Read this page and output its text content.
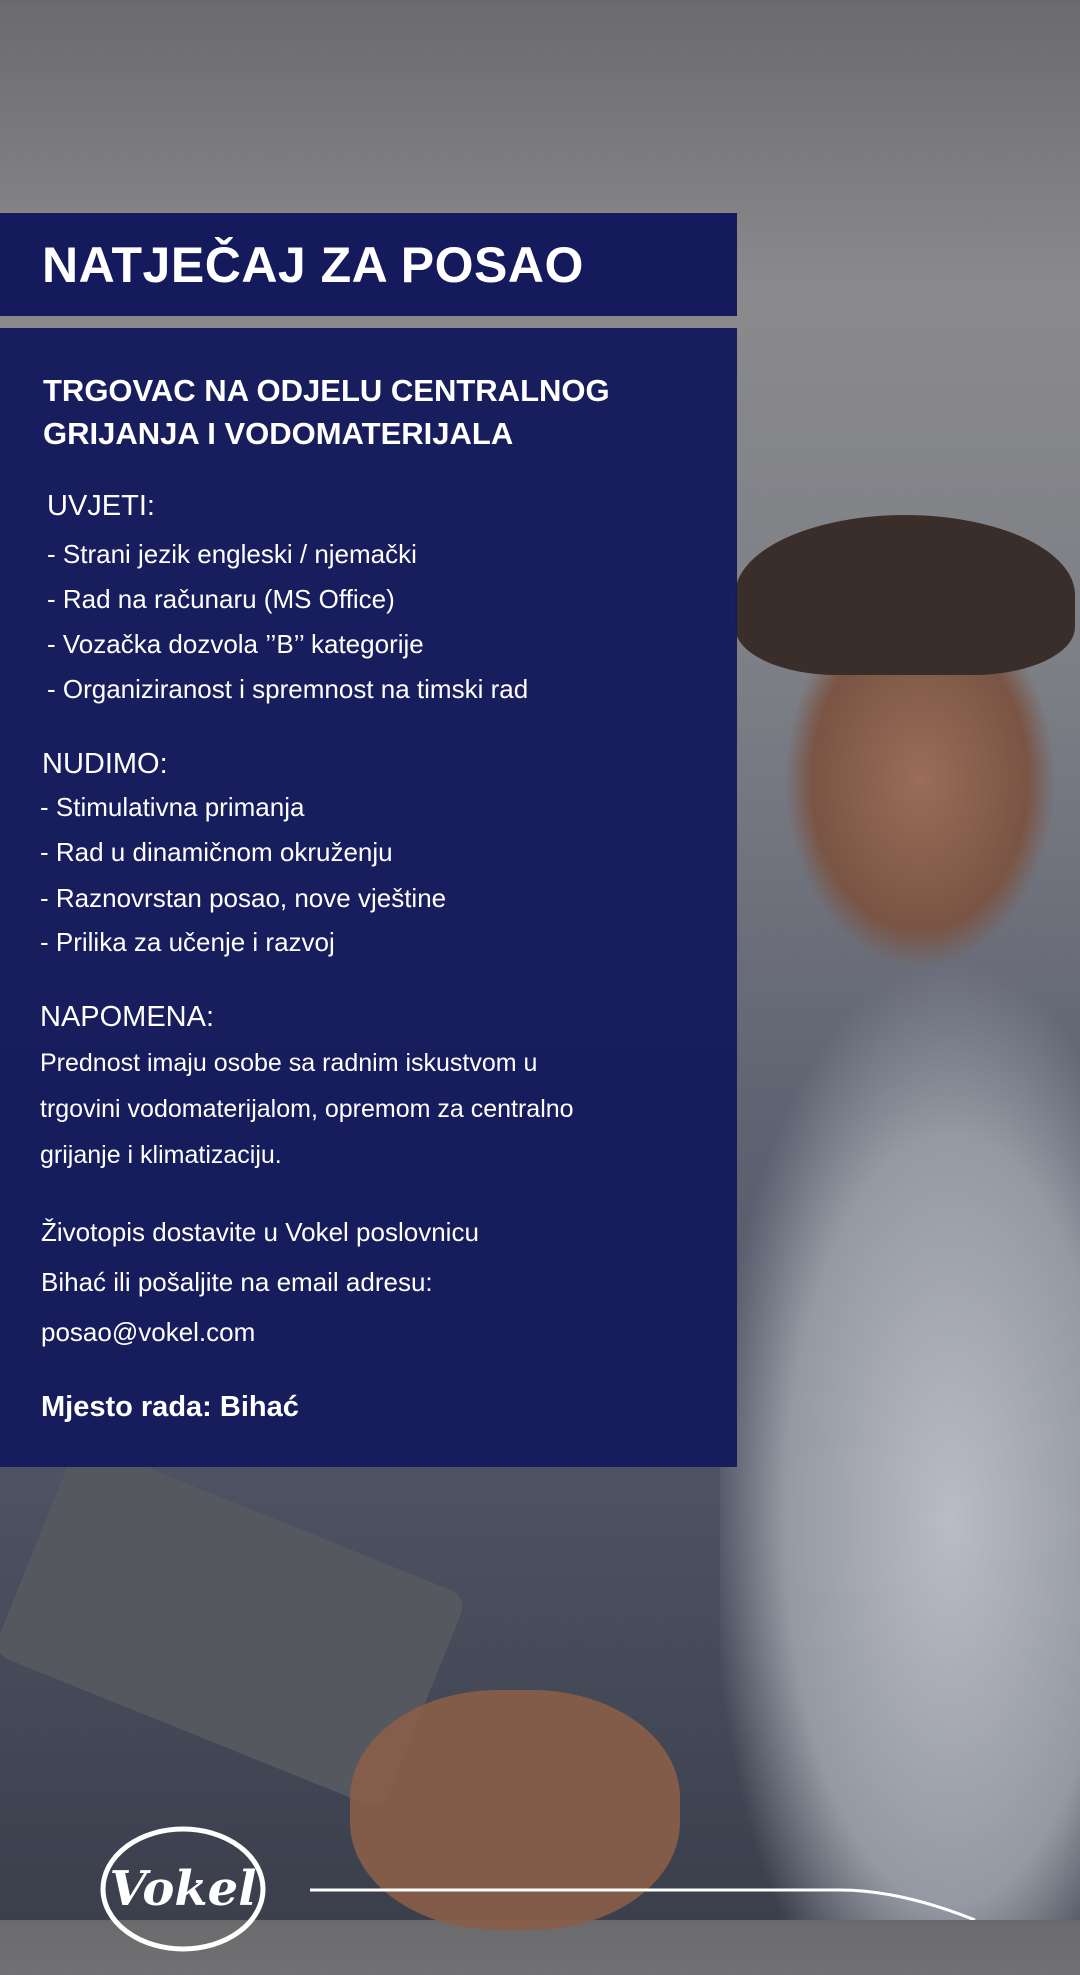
NATJEČAJ ZA POSAO
TRGOVAC NA ODJELU CENTRALNOG
GRIJANJA I VODOMATERIJALA
UVJETI:
- Strani jezik engleski / njemački
- Rad na računaru (MS Office)
- Vozačka dozvola ’’B’’ kategorije
- Organiziranost i spremnost na timski rad
NUDIMO:
- Stimulativna primanja
- Rad u dinamičnom okruženju
- Raznovrstan posao, nove vještine
- Prilika za učenje i razvoj
NAPOMENA:
Prednost imaju osobe sa radnim iskustvom u
trgovini vodomaterijalom, opremom za centralno
grijanje i klimatizaciju.
Životopis dostavite u Vokel poslovnicu
Bihać ili pošaljite na email adresu:
posao@vokel.com
Mjesto rada: Bihać
Vokel
